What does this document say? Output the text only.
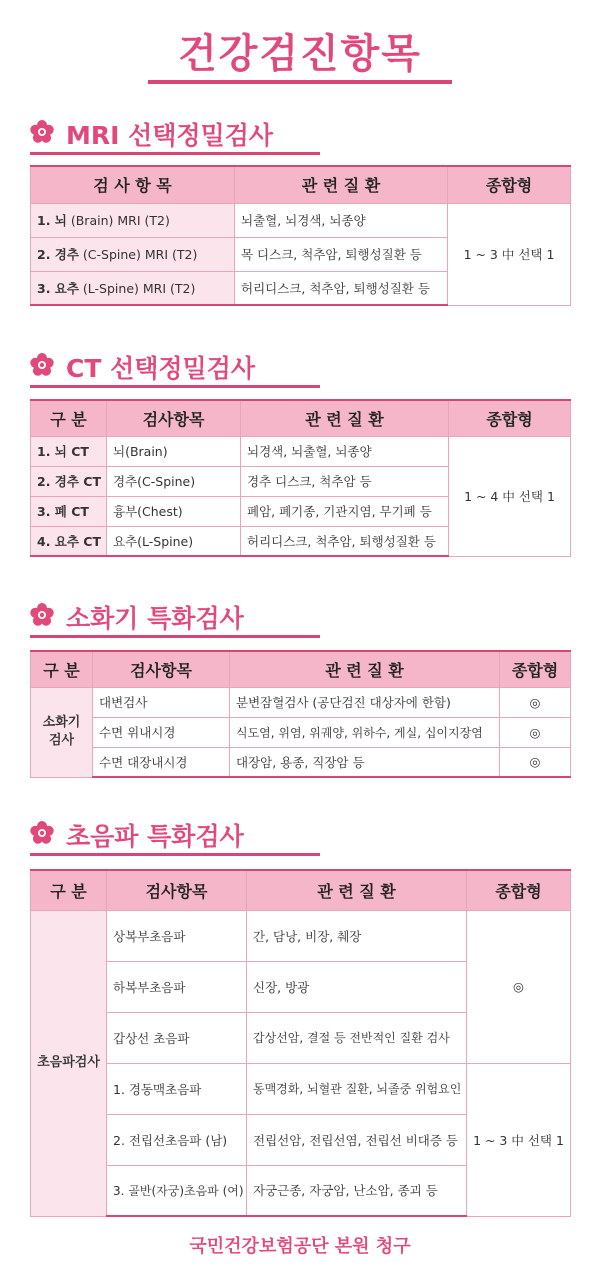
건강검진항목
MRI 선택정밀검사
검 사 항 목	관 련 질 환	종합형
1. 뇌 (Brain) MRI (T2)	뇌출혈, 뇌경색, 뇌종양	1 ~ 3 中 선택 1
2. 경추 (C-Spine) MRI (T2)	목 디스크, 척추암, 퇴행성질환 등	
3. 요추 (L-Spine) MRI (T2)	허리디스크, 척추암, 퇴행성질환 등	
CT 선택정밀검사
구 분	검사항목	관 련 질 환	종합형
1. 뇌 CT	뇌(Brain)	뇌경색, 뇌출혈, 뇌종양	1 ~ 4 中 선택 1
2. 경추 CT	경추(C-Spine)	경추 디스크, 척추암 등	
3. 폐 CT	흉부(Chest)	폐암, 폐기종, 기관지염, 무기폐 등	
4. 요추 CT	요추(L-Spine)	허리디스크, 척추암, 퇴행성질환 등	
소화기 특화검사
구 분	검사항목	관 련 질 환	종합형
소화기 검사	대변검사	분변잠혈검사 (공단검진 대상자에 한함)	◎
	수면 위내시경	식도염, 위염, 위궤양, 위하수, 게실, 십이지장염	◎
	수면 대장내시경	대장암, 용종, 직장암 등	◎
초음파 특화검사
구 분	검사항목	관 련 질 환	종합형
초음파검사	상복부초음파	간, 담낭, 비장, 췌장	◎
	하복부초음파	신장, 방광	
	갑상선 초음파	갑상선암, 결절 등 전반적인 질환 검사	
	1. 경동맥초음파	동맥경화, 뇌혈관 질환, 뇌졸중 위험요인	1 ~ 3 中 선택 1
	2. 전립선초음파 (남)	전립선암, 전립선염, 전립선 비대증 등	
	3. 골반(자궁)초음파 (여)	자궁근종, 자궁암, 난소암, 종괴 등	
국민건강보험공단 본원 청구
